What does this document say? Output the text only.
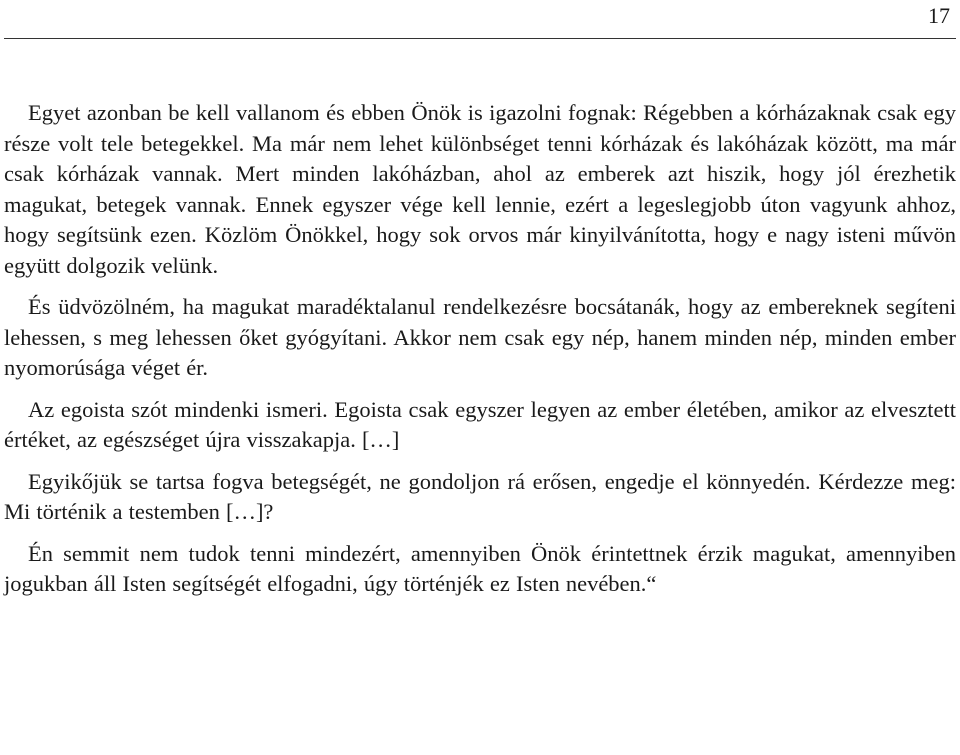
17

Egyet azonban be kell vallanom és ebben Önök is igazolni fognak: Régebben a kórházaknak csak egy része volt tele betegekkel. Ma már nem lehet különbséget tenni kórházak és lakóházak között, ma már csak kórházak vannak. Mert minden lakóházban, ahol az emberek azt hiszik, hogy jól érezhetik magukat, betegek vannak. Ennek egyszer vége kell lennie, ezért a legeslegjobb úton vagyunk ahhoz, hogy segítsünk ezen. Közlöm Önökkel, hogy sok orvos már kinyilvánította, hogy e nagy isteni művön együtt dolgozik velünk.

És üdvözölném, ha magukat maradéktalanul rendelkezésre bocsátanák, hogy az embereknek segíteni lehessen, s meg lehessen őket gyógyítani. Akkor nem csak egy nép, hanem minden nép, minden ember nyomorúsága véget ér.

Az egoista szót mindenki ismeri. Egoista csak egyszer legyen az ember életében, amikor az elvesztett értéket, az egészséget újra visszakapja. […]

Egyikőjük se tartsa fogva betegségét, ne gondoljon rá erősen, engedje el könnyedén. Kérdezze meg: Mi történik a testemben […]?

Én semmit nem tudok tenni mindezért, amennyiben Önök érintettnek érzik magukat, amennyiben jogukban áll Isten segítségét elfogadni, úgy történjék ez Isten nevében.“
